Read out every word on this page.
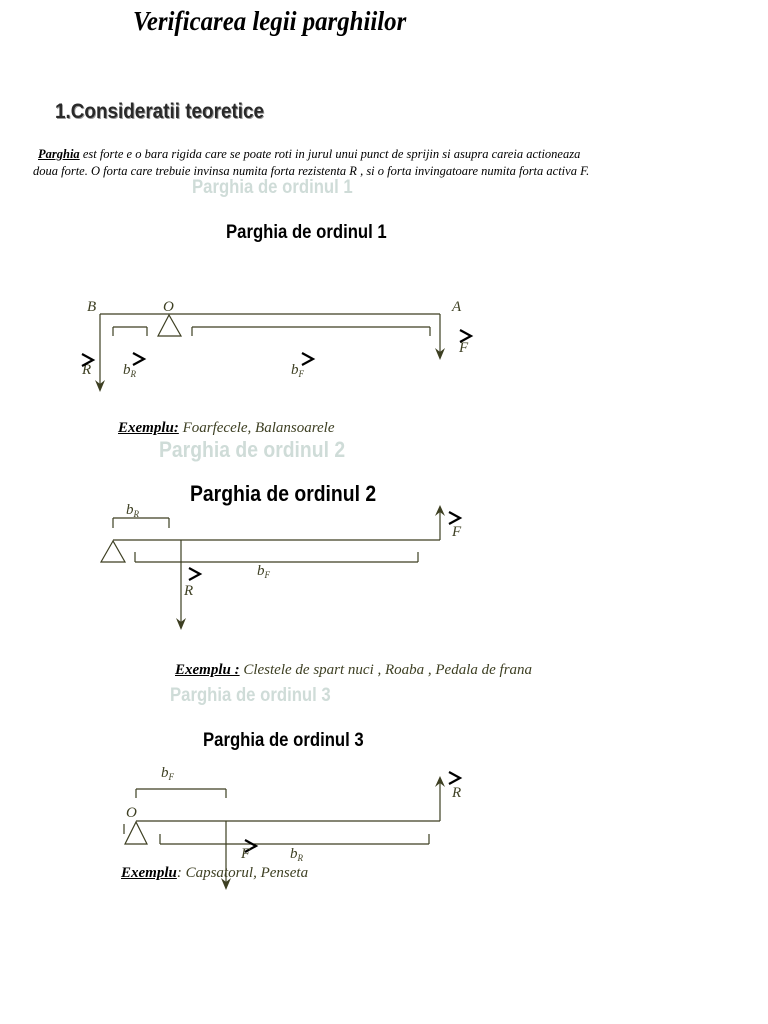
Verificarea legii parghiilor
1.Consideratii teoretice
Parghia est forte e o bara rigida care se poate roti in jurul unui punct de sprijin si asupra careia actioneaza
doua forte. O forta care trebuie invinsa numita forta rezistenta R , si o forta invingatoare numita forta activa F.
Parghia de ordinul 1
Parghia de ordinul 1
B	O	A
F
R $b_R$	$b_F$
Exemplu: Foarfecele, Balansoarele
Parghia de ordinul 2
Parghia de ordinul 2
$b_R$
F
$b_F$
R
Exemplu : Clestele de spart nuci , Roaba , Pedala de frana
Parghia de ordinul 3
Parghia de ordinul 3
$b_F$
O
R
F	$b_R$
Exemplu: Capsatorul, Penseta
